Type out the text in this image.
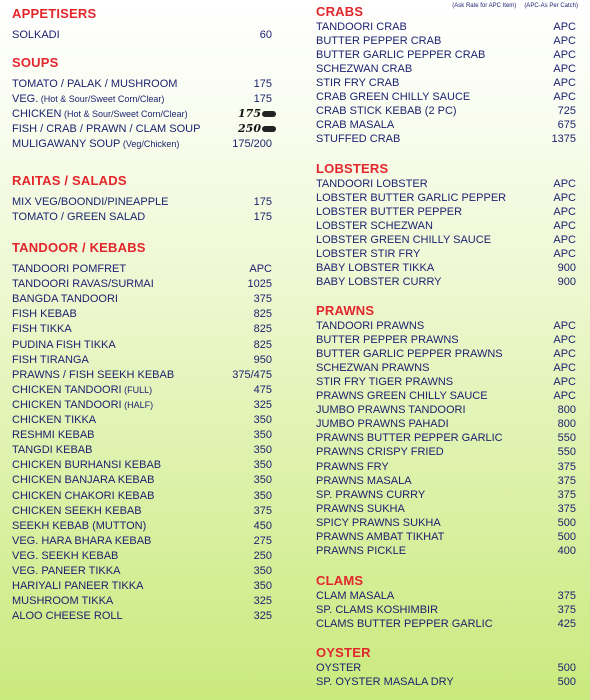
(Ask Rate for APC Item) (APC-As Per Catch)
APPETISERS
SOLKADI	60
SOUPS
TOMATO / PALAK / MUSHROOM	175
VEG. (Hot & Sour/Sweet Corn/Clear)	175
CHICKEN (Hot & Sour/Sweet Corn/Clear)	175
FISH / CRAB / PRAWN / CLAM SOUP	250
MULIGAWANY SOUP (Veg/Chicken)	175/200
RAITAS / SALADS
MIX VEG/BOONDI/PINEAPPLE	175
TOMATO / GREEN SALAD	175
TANDOOR / KEBABS
TANDOORI POMFRET	APC
TANDOORI RAVAS/SURMAI	1025
BANGDA TANDOORI	375
FISH KEBAB	825
FISH TIKKA	825
PUDINA FISH TIKKA	825
FISH TIRANGA	950
PRAWNS / FISH SEEKH KEBAB	375/475
CHICKEN TANDOORI (FULL)	475
CHICKEN TANDOORI (HALF)	325
CHICKEN TIKKA	350
RESHMI KEBAB	350
TANGDI KEBAB	350
CHICKEN BURHANSI KEBAB	350
CHICKEN BANJARA KEBAB	350
CHICKEN CHAKORI KEBAB	350
CHICKEN SEEKH KEBAB	375
SEEKH KEBAB (MUTTON)	450
VEG. HARA BHARA KEBAB	275
VEG. SEEKH KEBAB	250
VEG. PANEER TIKKA	350
HARIYALI PANEER TIKKA	350
MUSHROOM TIKKA	325
ALOO CHEESE ROLL	325
CRABS
TANDOORI CRAB	APC
BUTTER PEPPER CRAB	APC
BUTTER GARLIC PEPPER CRAB	APC
SCHEZWAN CRAB	APC
STIR FRY CRAB	APC
CRAB GREEN CHILLY SAUCE	APC
CRAB STICK KEBAB (2 PC)	725
CRAB MASALA	675
STUFFED CRAB	1375
LOBSTERS
TANDOORI LOBSTER	APC
LOBSTER BUTTER GARLIC PEPPER	APC
LOBSTER BUTTER PEPPER	APC
LOBSTER SCHEZWAN	APC
LOBSTER GREEN CHILLY SAUCE	APC
LOBSTER STIR FRY	APC
BABY LOBSTER TIKKA	900
BABY LOBSTER CURRY	900
PRAWNS
TANDOORI PRAWNS	APC
BUTTER PEPPER PRAWNS	APC
BUTTER GARLIC PEPPER PRAWNS	APC
SCHEZWAN PRAWNS	APC
STIR FRY TIGER PRAWNS	APC
PRAWNS GREEN CHILLY SAUCE	APC
JUMBO PRAWNS TANDOORI	800
JUMBO PRAWNS PAHADI	800
PRAWNS BUTTER PEPPER GARLIC	550
PRAWNS CRISPY FRIED	550
PRAWNS FRY	375
PRAWNS MASALA	375
SP. PRAWNS CURRY	375
PRAWNS SUKHA	375
SPICY PRAWNS SUKHA	500
PRAWNS AMBAT TIKHAT	500
PRAWNS PICKLE	400
CLAMS
CLAM MASALA	375
SP. CLAMS KOSHIMBIR	375
CLAMS BUTTER PEPPER GARLIC	425
OYSTER
OYSTER	500
SP. OYSTER MASALA DRY	500
